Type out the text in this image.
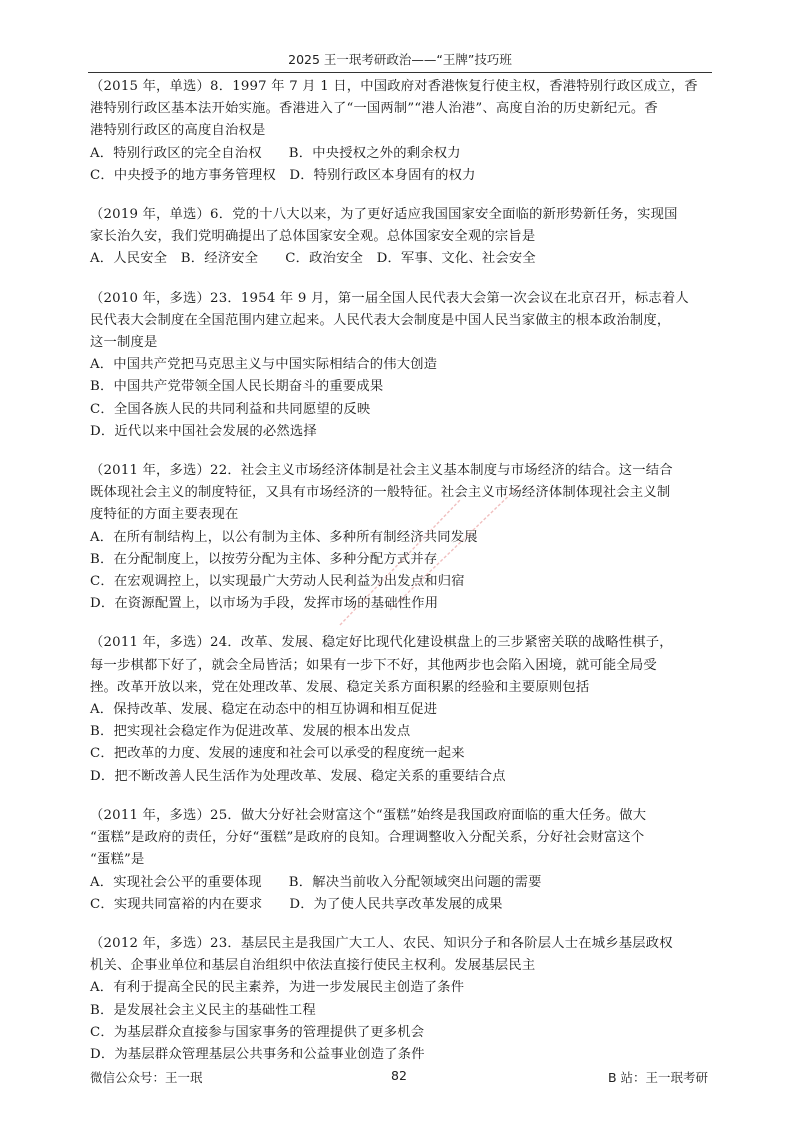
2025 王一珉考研政治——“王牌”技巧班
（2015 年，单选）8．1997 年 7 月 1 日，中国政府对香港恢复行使主权，香港特别行政区成立，香
港特别行政区基本法开始实施。香港进入了“一国两制”“港人治港”、高度自治的历史新纪元。香
港特别行政区的高度自治权是
A．特别行政区的完全自治权　　B．中央授权之外的剩余权力
C．中央授予的地方事务管理权　D．特别行政区本身固有的权力
（2019 年，单选）6．党的十八大以来，为了更好适应我国国家安全面临的新形势新任务，实现国
家长治久安，我们党明确提出了总体国家安全观。总体国家安全观的宗旨是
A．人民安全　B．经济安全　　C．政治安全　D．军事、文化、社会安全
（2010 年，多选）23．1954 年 9 月，第一届全国人民代表大会第一次会议在北京召开，标志着人
民代表大会制度在全国范围内建立起来。人民代表大会制度是中国人民当家做主的根本政治制度，
这一制度是
A．中国共产党把马克思主义与中国实际相结合的伟大创造
B．中国共产党带领全国人民长期奋斗的重要成果
C．全国各族人民的共同利益和共同愿望的反映
D．近代以来中国社会发展的必然选择
（2011 年，多选）22．社会主义市场经济体制是社会主义基本制度与市场经济的结合。这一结合
既体现社会主义的制度特征，又具有市场经济的一般特征。社会主义市场经济体制体现社会主义制
度特征的方面主要表现在
A．在所有制结构上，以公有制为主体、多种所有制经济共同发展
B．在分配制度上，以按劳分配为主体、多种分配方式并存
C．在宏观调控上，以实现最广大劳动人民利益为出发点和归宿
D．在资源配置上，以市场为手段，发挥市场的基础性作用
（2011 年，多选）24．改革、发展、稳定好比现代化建设棋盘上的三步紧密关联的战略性棋子，
每一步棋都下好了，就会全局皆活；如果有一步下不好，其他两步也会陷入困境，就可能全局受
挫。改革开放以来，党在处理改革、发展、稳定关系方面积累的经验和主要原则包括
A．保持改革、发展、稳定在动态中的相互协调和相互促进
B．把实现社会稳定作为促进改革、发展的根本出发点
C．把改革的力度、发展的速度和社会可以承受的程度统一起来
D．把不断改善人民生活作为处理改革、发展、稳定关系的重要结合点
（2011 年，多选）25．做大分好社会财富这个“蛋糕”始终是我国政府面临的重大任务。做大
“蛋糕”是政府的责任，分好“蛋糕”是政府的良知。合理调整收入分配关系，分好社会财富这个
“蛋糕”是
A．实现社会公平的重要体现　　B．解决当前收入分配领域突出问题的需要
C．实现共同富裕的内在要求　　D．为了使人民共享改革发展的成果
（2012 年，多选）23．基层民主是我国广大工人、农民、知识分子和各阶层人士在城乡基层政权
机关、企事业单位和基层自治组织中依法直接行使民主权利。发展基层民主
A．有利于提高全民的民主素养，为进一步发展民主创造了条件
B．是发展社会主义民主的基础性工程
C．为基层群众直接参与国家事务的管理提供了更多机会
D．为基层群众管理基层公共事务和公益事业创造了条件
微信公众号：王一珉	82	B 站：王一珉考研
